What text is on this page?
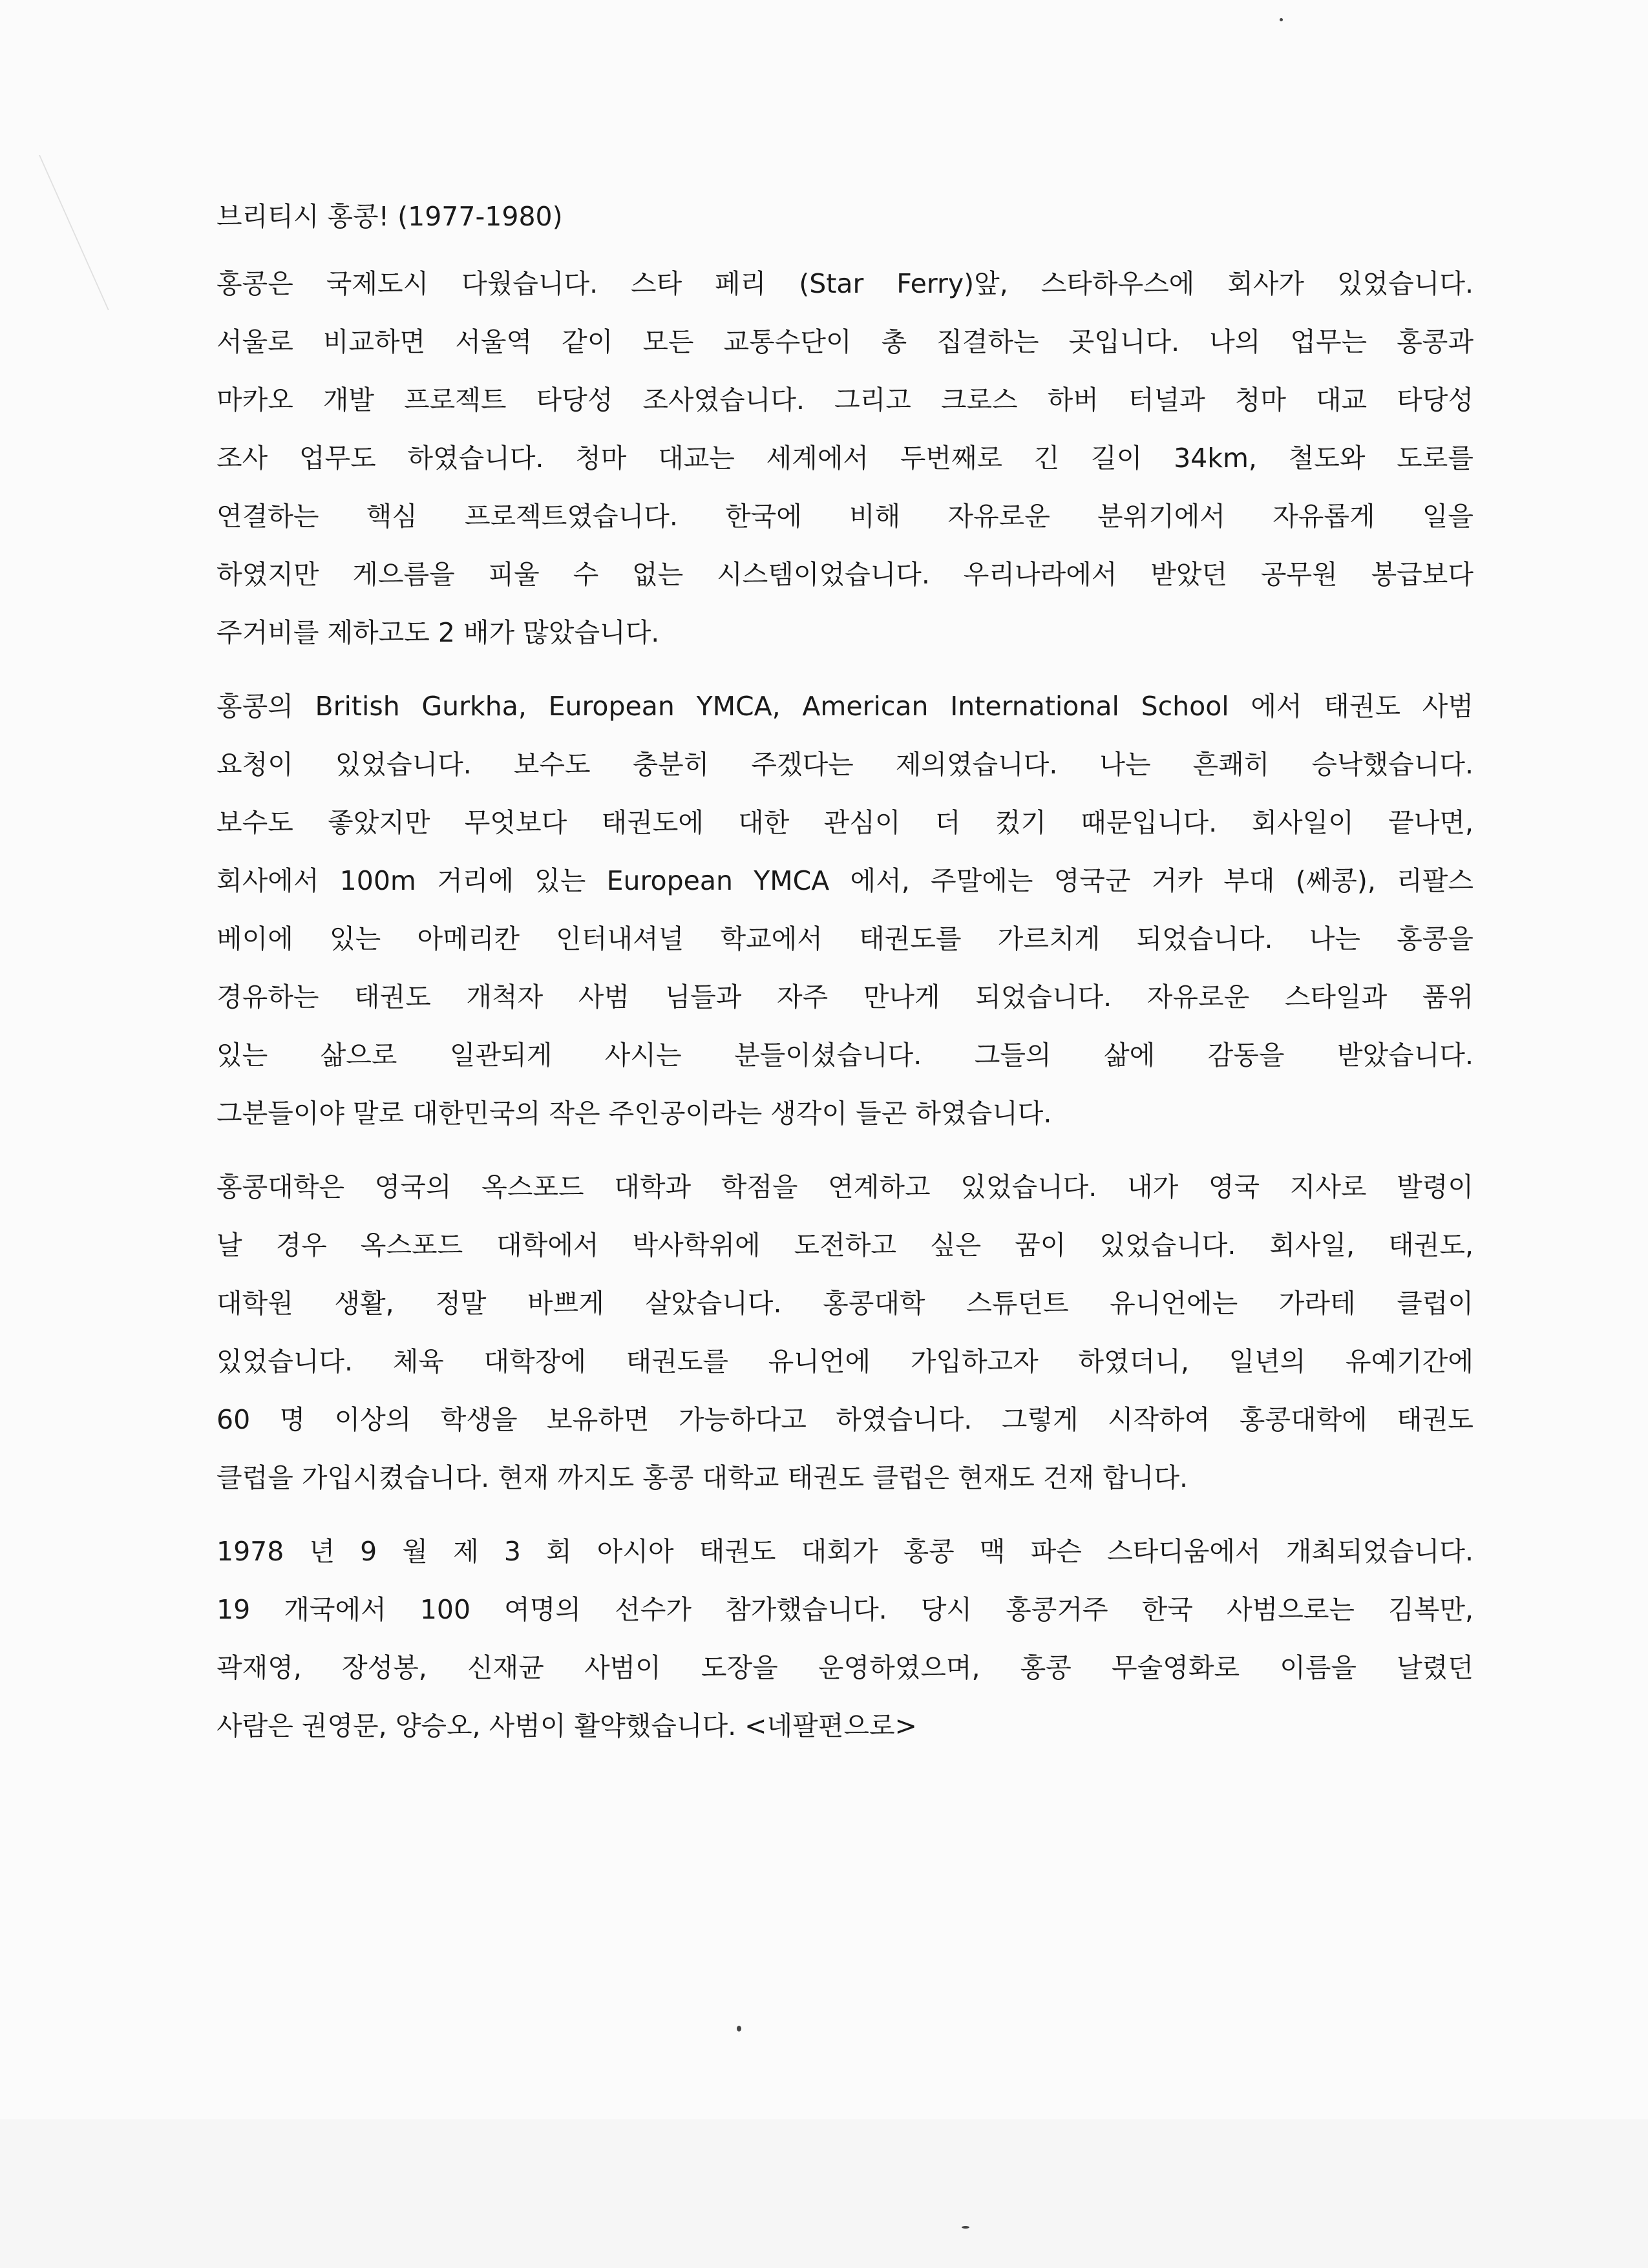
브리티시 홍콩! (1977-1980)
홍콩은 국제도시 다웠습니다. 스타 페리 (Star Ferry)앞, 스타하우스에 회사가 있었습니다.
서울로 비교하면 서울역 같이 모든 교통수단이 총 집결하는 곳입니다. 나의 업무는 홍콩과
마카오 개발 프로젝트 타당성 조사였습니다. 그리고 크로스 하버 터널과 청마 대교 타당성
조사 업무도 하였습니다. 청마 대교는 세계에서 두번째로 긴 길이 34km, 철도와 도로를
연결하는 핵심 프로젝트였습니다. 한국에 비해 자유로운 분위기에서 자유롭게 일을
하였지만 게으름을 피울 수 없는 시스템이었습니다. 우리나라에서 받았던 공무원 봉급보다
주거비를 제하고도 2 배가 많았습니다.
홍콩의 British Gurkha, European YMCA, American International School 에서 태권도 사범
요청이 있었습니다. 보수도 충분히 주겠다는 제의였습니다. 나는 흔쾌히 승낙했습니다.
보수도 좋았지만 무엇보다 태권도에 대한 관심이 더 컸기 때문입니다. 회사일이 끝나면,
회사에서 100m 거리에 있는 European YMCA 에서, 주말에는 영국군 거카 부대 (쎄콩), 리팔스
베이에 있는 아메리칸 인터내셔널 학교에서 태권도를 가르치게 되었습니다. 나는 홍콩을
경유하는 태권도 개척자 사범 님들과 자주 만나게 되었습니다. 자유로운 스타일과 품위
있는 삶으로 일관되게 사시는 분들이셨습니다. 그들의 삶에 감동을 받았습니다.
그분들이야 말로 대한민국의 작은 주인공이라는 생각이 들곤 하였습니다.
홍콩대학은 영국의 옥스포드 대학과 학점을 연계하고 있었습니다. 내가 영국 지사로 발령이
날 경우 옥스포드 대학에서 박사학위에 도전하고 싶은 꿈이 있었습니다. 회사일, 태권도,
대학원 생활, 정말 바쁘게 살았습니다. 홍콩대학 스튜던트 유니언에는 가라테 클럽이
있었습니다. 체육 대학장에 태권도를 유니언에 가입하고자 하였더니, 일년의 유예기간에
60 명 이상의 학생을 보유하면 가능하다고 하였습니다. 그렇게 시작하여 홍콩대학에 태권도
클럽을 가입시켰습니다. 현재 까지도 홍콩 대학교 태권도 클럽은 현재도 건재 합니다.
1978 년 9 월 제 3 회 아시아 태권도 대회가 홍콩 맥 파슨 스타디움에서 개최되었습니다.
19 개국에서 100 여명의 선수가 참가했습니다. 당시 홍콩거주 한국 사범으로는 김복만,
곽재영, 장성봉, 신재균 사범이 도장을 운영하였으며, 홍콩 무술영화로 이름을 날렸던
사람은 권영문, 양승오, 사범이 활약했습니다. <네팔편으로>
